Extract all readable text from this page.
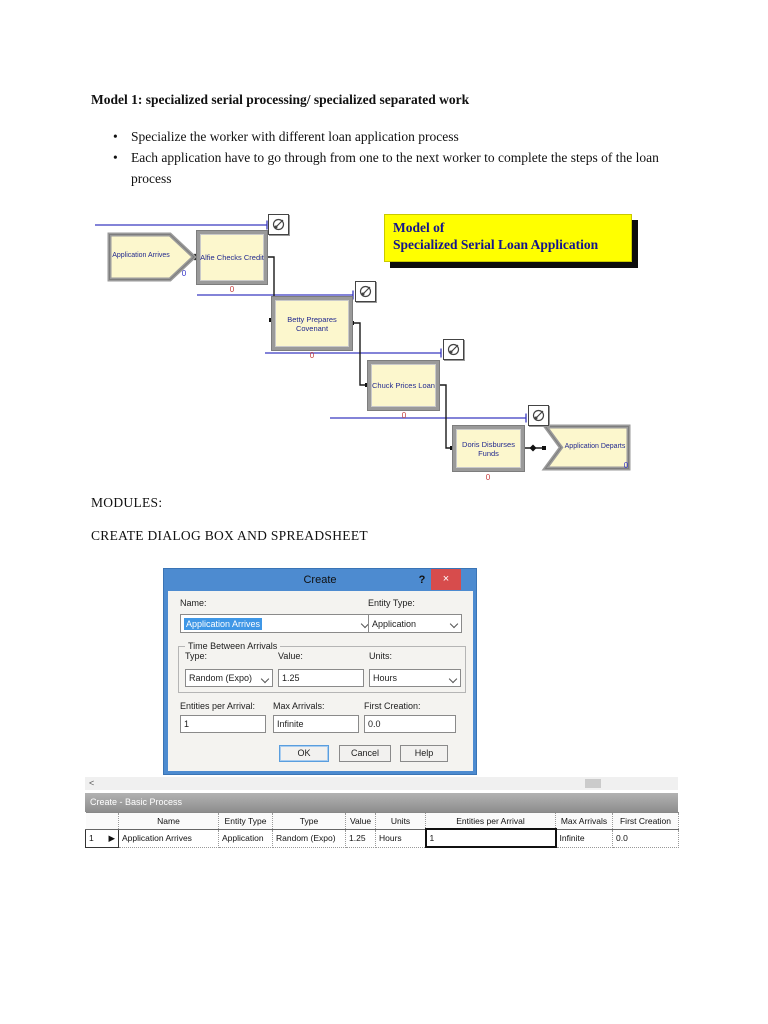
Model 1: specialized serial processing/ specialized separated work
• Specialize the worker with different loan application process
• Each application have to go through from one to the next worker to complete the steps of the loan process
Application Arrives	Alfie Checks Credit
Betty Prepares Covenant
Chuck Prices Loan
Doris Disburses Funds
Application Departs
0
0
0
0
0
0
Model of
Specialized Serial Loan Application
MODULES:
CREATE DIALOG BOX AND SPREADSHEET
Create	?	×
Name:
Application Arrives
Entity Type:
Application
Time Between Arrivals
Type:	Value:	Units:
Random (Expo)	1.25	Hours
Entities per Arrival: Max Arrivals:	First Creation:
1	Infinite	0.0
OK	Cancel	Help
<
Create - Basic Process
	Name	Entity Type	Type	Value	Units	Entities per Arrival	Max Arrivals	First Creation

1 ▶	Application Arrives	Application	Random (Expo)	1.25	Hours	1	Infinite	0.0
